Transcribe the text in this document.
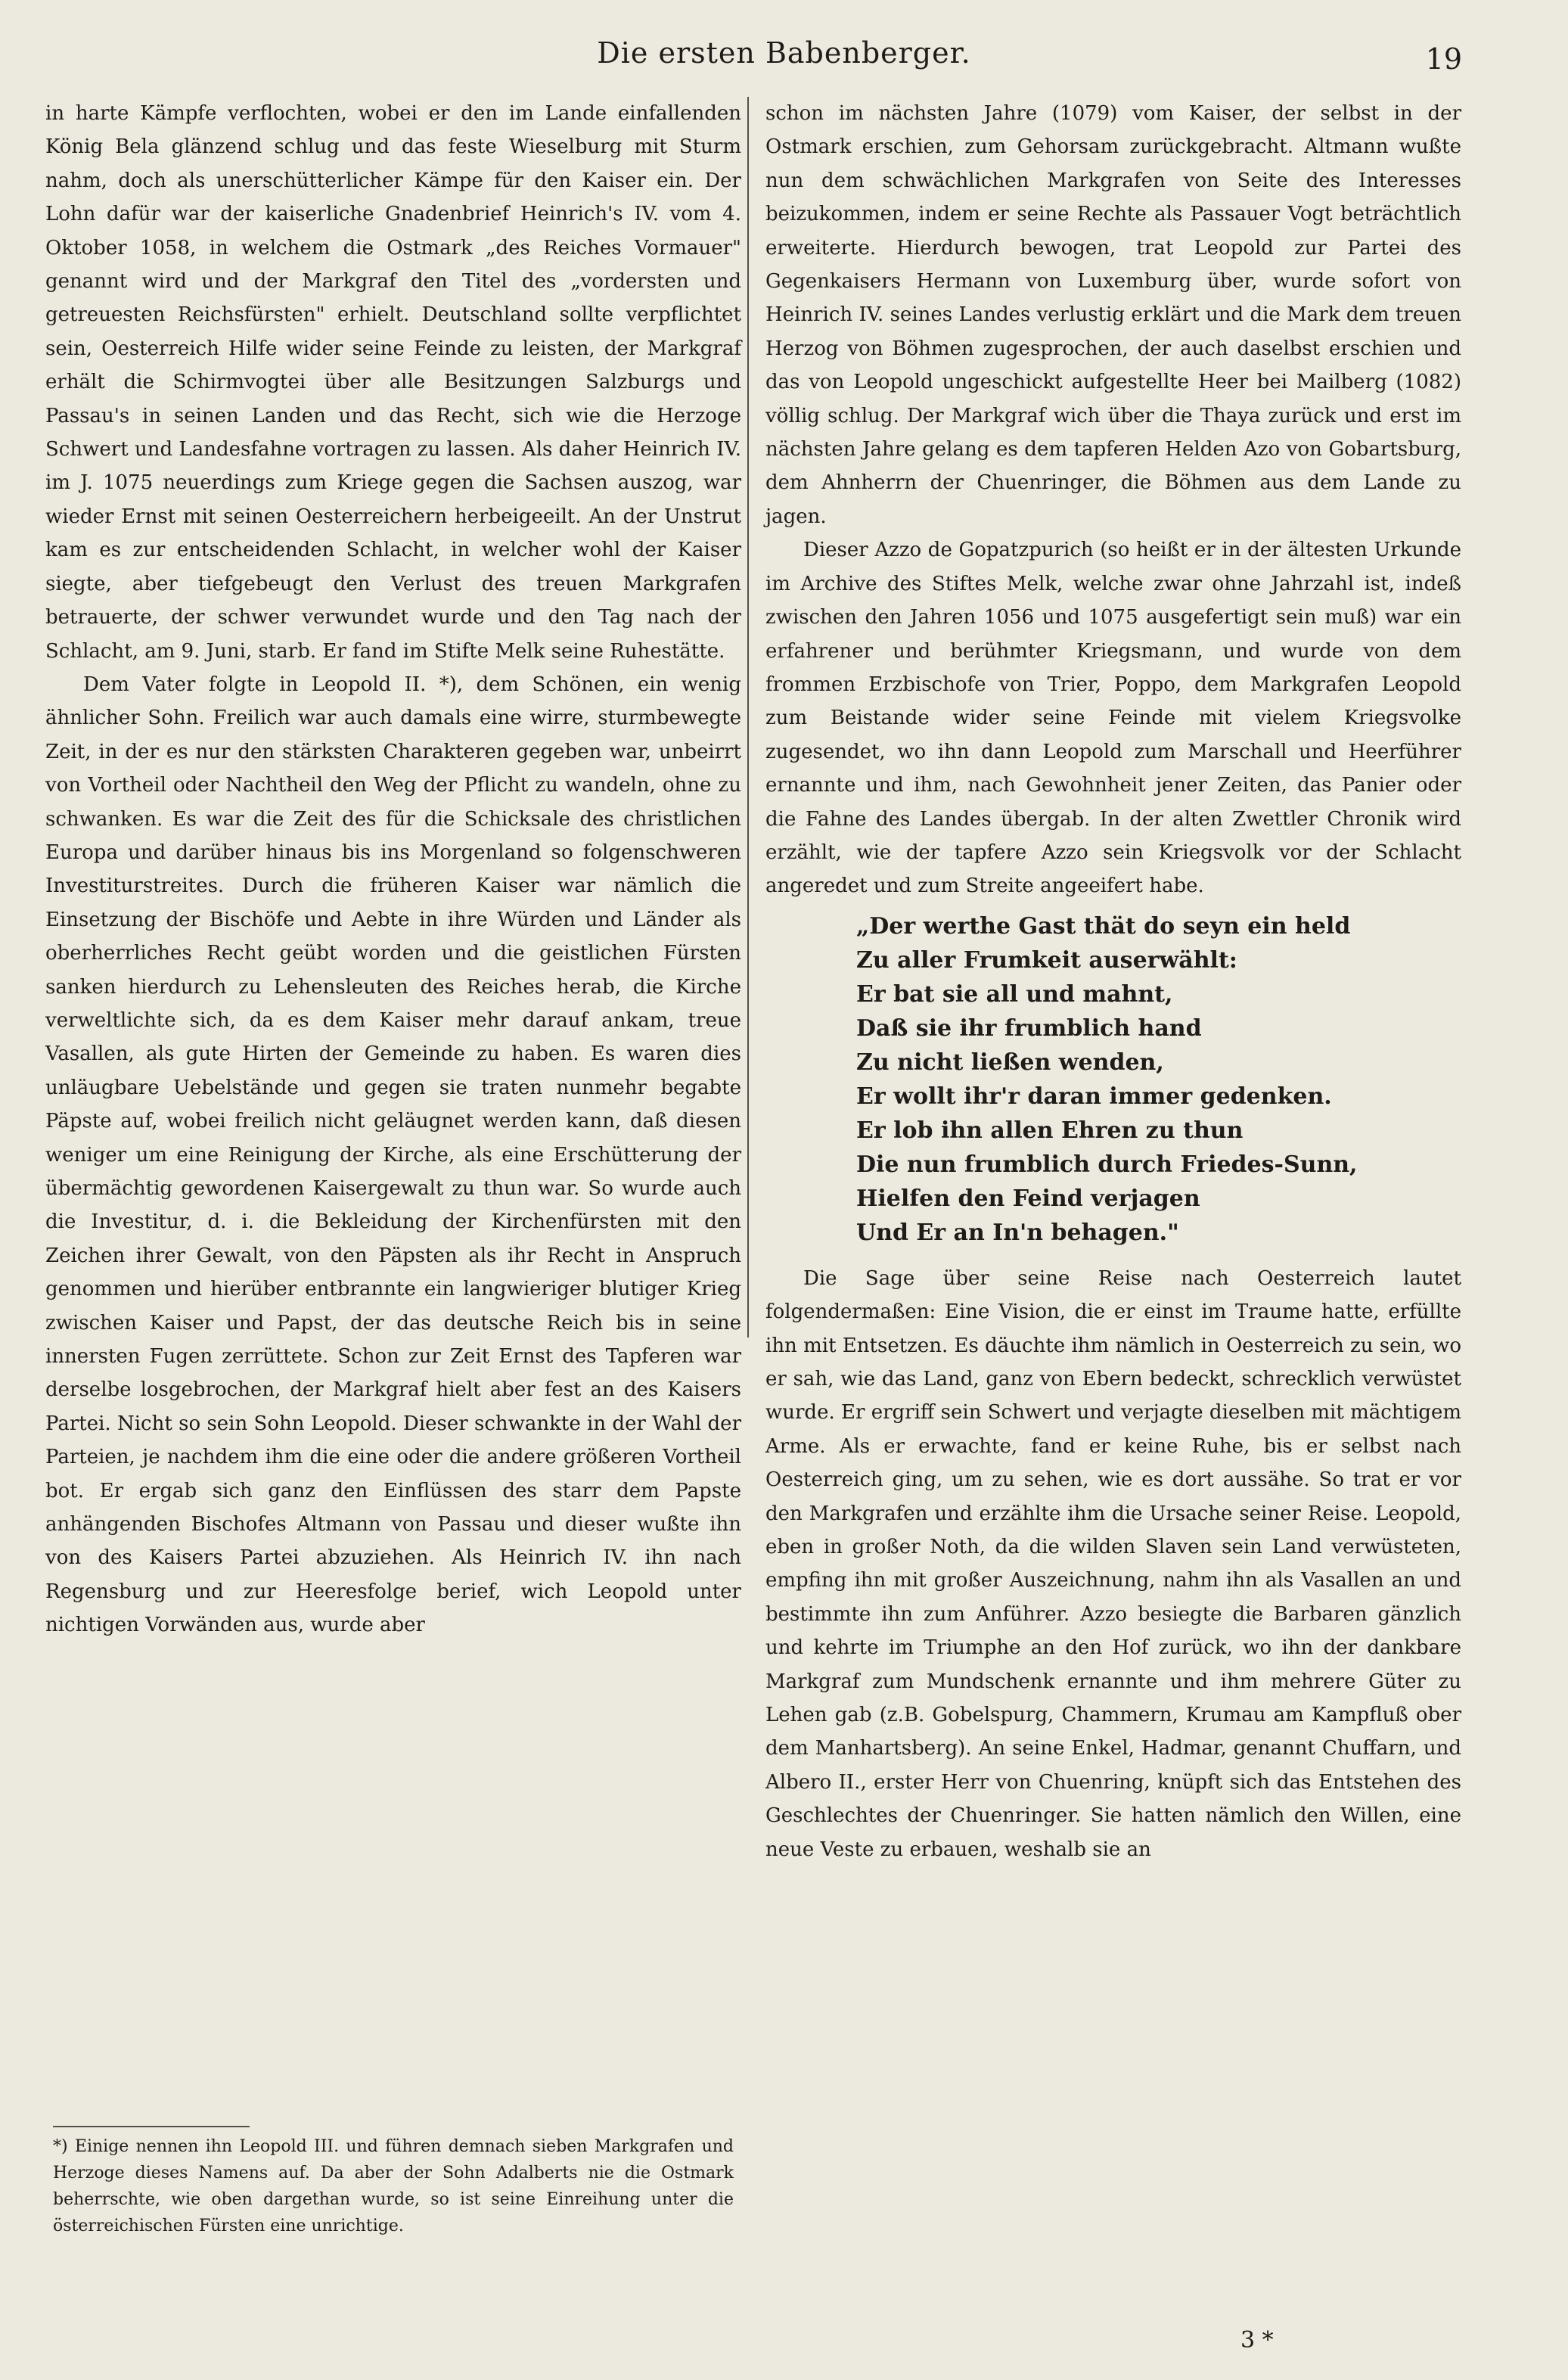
Die ersten Babenberger.	19

in harte Kämpfe verflochten, wobei er den im Lande einfallenden König Bela glänzend schlug und das feste Wieselburg mit Sturm nahm, doch als unerschütterlicher Kämpe für den Kaiser ein. Der Lohn dafür war der kaiserliche Gnadenbrief Heinrich's IV. vom 4. Oktober 1058, in welchem die Ostmark „des Reiches Vormauer" genannt wird und der Markgraf den Titel des „vordersten und getreuesten Reichsfürsten" erhielt. Deutschland sollte verpflichtet sein, Oesterreich Hilfe wider seine Feinde zu leisten, der Markgraf erhält die Schirmvogtei über alle Besitzungen Salzburgs und Passau's in seinen Landen und das Recht, sich wie die Herzoge Schwert und Landesfahne vortragen zu lassen. Als daher Heinrich IV. im J. 1075 neuerdings zum Kriege gegen die Sachsen auszog, war wieder Ernst mit seinen Oesterreichern herbeigeeilt. An der Unstrut kam es zur entscheidenden Schlacht, in welcher wohl der Kaiser siegte, aber tiefgebeugt den Verlust des treuen Markgrafen betrauerte, der schwer verwundet wurde und den Tag nach der Schlacht, am 9. Juni, starb. Er fand im Stifte Melk seine Ruhestätte.

Dem Vater folgte in Leopold II. *), dem Schönen, ein wenig ähnlicher Sohn. Freilich war auch damals eine wirre, sturmbewegte Zeit, in der es nur den stärksten Charakteren gegeben war, unbeirrt von Vortheil oder Nachtheil den Weg der Pflicht zu wandeln, ohne zu schwanken. Es war die Zeit des für die Schicksale des christlichen Europa und darüber hinaus bis ins Morgenland so folgenschweren Investiturstreites. Durch die früheren Kaiser war nämlich die Einsetzung der Bischöfe und Aebte in ihre Würden und Länder als oberherrliches Recht geübt worden und die geistlichen Fürsten sanken hierdurch zu Lehensleuten des Reiches herab, die Kirche verweltlichte sich, da es dem Kaiser mehr darauf ankam, treue Vasallen, als gute Hirten der Gemeinde zu haben. Es waren dies unläugbare Uebelstände und gegen sie traten nunmehr begabte Päpste auf, wobei freilich nicht geläugnet werden kann, daß diesen weniger um eine Reinigung der Kirche, als eine Erschütterung der übermächtig gewordenen Kaisergewalt zu thun war. So wurde auch die Investitur, d. i. die Bekleidung der Kirchenfürsten mit den Zeichen ihrer Gewalt, von den Päpsten als ihr Recht in Anspruch genommen und hierüber entbrannte ein langwieriger blutiger Krieg zwischen Kaiser und Papst, der das deutsche Reich bis in seine innersten Fugen zerrüttete. Schon zur Zeit Ernst des Tapferen war derselbe losgebrochen, der Markgraf hielt aber fest an des Kaisers Partei. Nicht so sein Sohn Leopold. Dieser schwankte in der Wahl der Parteien, je nachdem ihm die eine oder die andere größeren Vortheil bot. Er ergab sich ganz den Einflüssen des starr dem Papste anhängenden Bischofes Altmann von Passau und dieser wußte ihn von des Kaisers Partei abzuziehen. Als Heinrich IV. ihn nach Regensburg und zur Heeresfolge berief, wich Leopold unter nichtigen Vorwänden aus, wurde aber

schon im nächsten Jahre (1079) vom Kaiser, der selbst in der Ostmark erschien, zum Gehorsam zurückgebracht. Altmann wußte nun dem schwächlichen Markgrafen von Seite des Interesses beizukommen, indem er seine Rechte als Passauer Vogt beträchtlich erweiterte. Hierdurch bewogen, trat Leopold zur Partei des Gegenkaisers Hermann von Luxemburg über, wurde sofort von Heinrich IV. seines Landes verlustig erklärt und die Mark dem treuen Herzog von Böhmen zugesprochen, der auch daselbst erschien und das von Leopold ungeschickt aufgestellte Heer bei Mailberg (1082) völlig schlug. Der Markgraf wich über die Thaya zurück und erst im nächsten Jahre gelang es dem tapferen Helden Azo von Gobartsburg, dem Ahnherrn der Chuenringer, die Böhmen aus dem Lande zu jagen.

Dieser Azzo de Gopatzpurich (so heißt er in der ältesten Urkunde im Archive des Stiftes Melk, welche zwar ohne Jahrzahl ist, indeß zwischen den Jahren 1056 und 1075 ausgefertigt sein muß) war ein erfahrener und berühmter Kriegsmann, und wurde von dem frommen Erzbischofe von Trier, Poppo, dem Markgrafen Leopold zum Beistande wider seine Feinde mit vielem Kriegsvolke zugesendet, wo ihn dann Leopold zum Marschall und Heerführer ernannte und ihm, nach Gewohnheit jener Zeiten, das Panier oder die Fahne des Landes übergab. In der alten Zwettler Chronik wird erzählt, wie der tapfere Azzo sein Kriegsvolk vor der Schlacht angeredet und zum Streite angeeifert habe.

„Der werthe Gast thät do seyn ein held
Zu aller Frumkeit auserwählt:
Er bat sie all und mahnt,
Daß sie ihr frumblich hand
Zu nicht ließen wenden,
Er wollt ihr'r daran immer gedenken.
Er lob ihn allen Ehren zu thun
Die nun frumblich durch Friedes-Sunn,
Hielfen den Feind verjagen
Und Er an In'n behagen."

Die Sage über seine Reise nach Oesterreich lautet folgendermaßen: Eine Vision, die er einst im Traume hatte, erfüllte ihn mit Entsetzen. Es däuchte ihm nämlich in Oesterreich zu sein, wo er sah, wie das Land, ganz von Ebern bedeckt, schrecklich verwüstet wurde. Er ergriff sein Schwert und verjagte dieselben mit mächtigem Arme. Als er erwachte, fand er keine Ruhe, bis er selbst nach Oesterreich ging, um zu sehen, wie es dort aussähe. So trat er vor den Markgrafen und erzählte ihm die Ursache seiner Reise. Leopold, eben in großer Noth, da die wilden Slaven sein Land verwüsteten, empfing ihn mit großer Auszeichnung, nahm ihn als Vasallen an und bestimmte ihn zum Anführer. Azzo besiegte die Barbaren gänzlich und kehrte im Triumphe an den Hof zurück, wo ihn der dankbare Markgraf zum Mundschenk ernannte und ihm mehrere Güter zu Lehen gab (z.B. Gobelspurg, Chammern, Krumau am Kampfluß ober dem Manhartsberg). An seine Enkel, Hadmar, genannt Chuffarn, und Albero II., erster Herr von Chuenring, knüpft sich das Entstehen des Geschlechtes der Chuenringer. Sie hatten nämlich den Willen, eine neue Veste zu erbauen, weshalb sie an

*) Einige nennen ihn Leopold III. und führen demnach sieben Markgrafen und Herzoge dieses Namens auf. Da aber der Sohn Adalberts nie die Ostmark beherrschte, wie oben dargethan wurde, so ist seine Einreihung unter die österreichischen Fürsten eine unrichtige.
3 *
